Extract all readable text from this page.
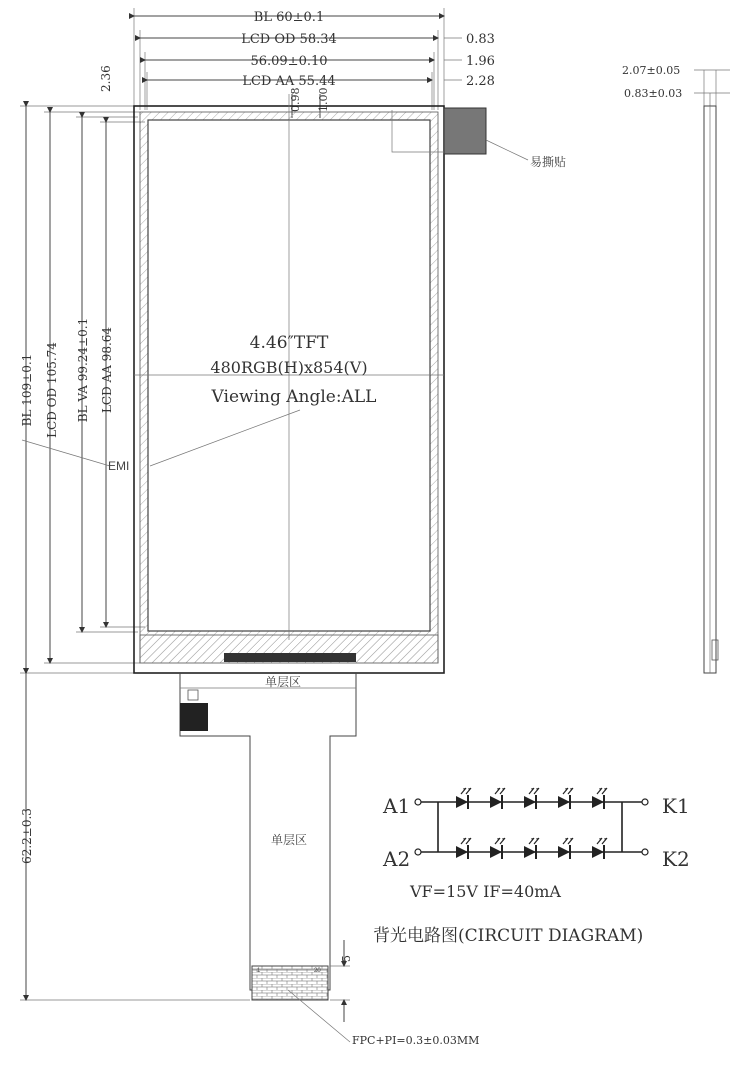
BL 60±0.1
LCD OD 58.34
56.09±0.10
LCD AA 55.44
0.83
1.96
2.28
2.36
0.98 1.00
BL 109±0.1 LCD OD 105.74 BL VA 99.24±0.1 LCD AA 98.64
62.2±0.3
易撕贴
4.46″TFT
480RGB(H)x854(V)
Viewing Angle:ALL
EMI
单层区
单层区
1	20
5
FPC+PI=0.3±0.03MM
2.07±0.05
0.83±0.03
A1
A2
K1
K2
VF=15V IF=40mA
背光电路图(CIRCUIT DIAGRAM)
